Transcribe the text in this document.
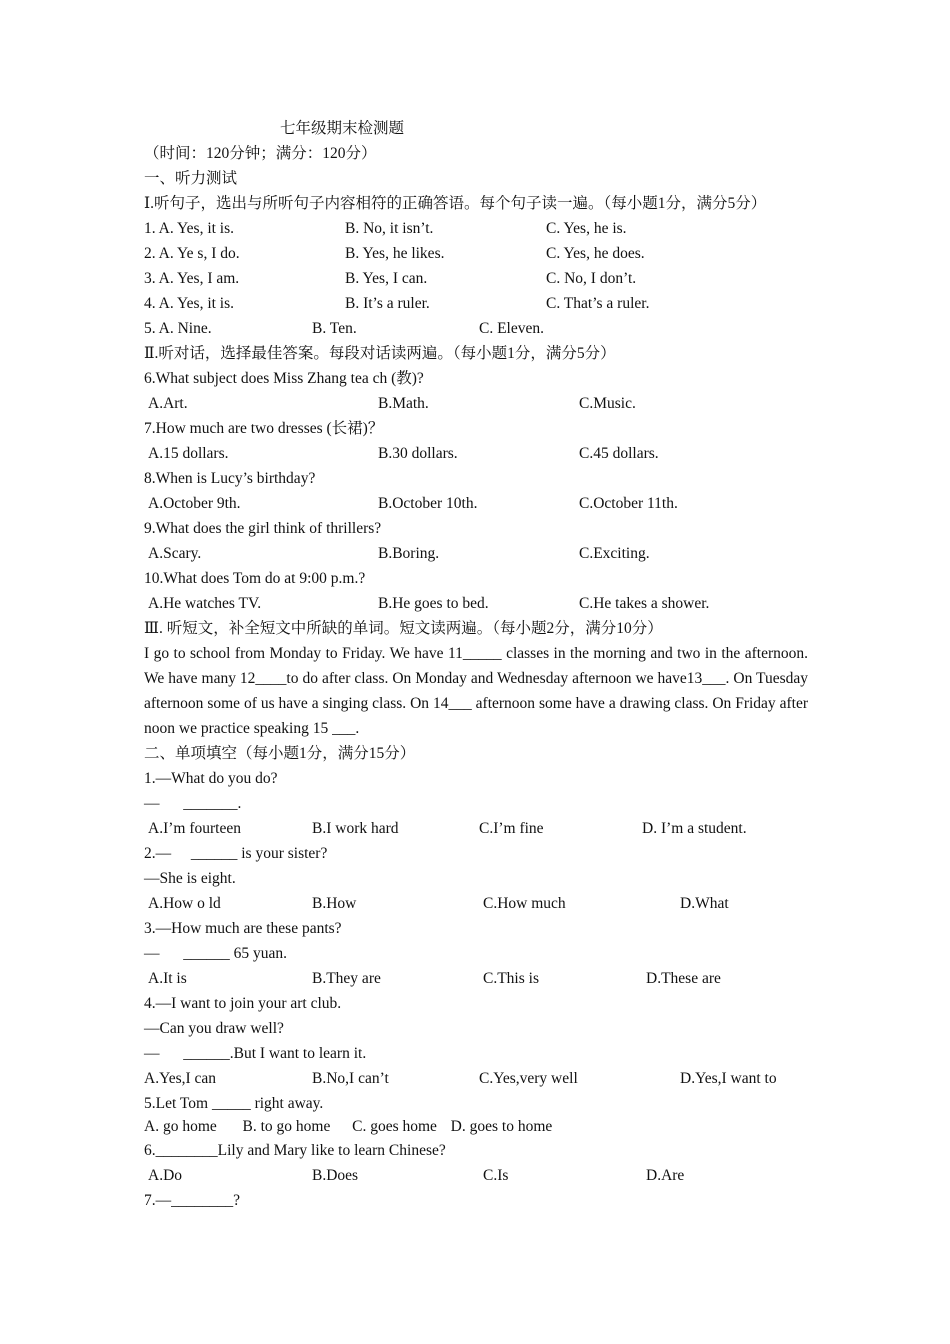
七年级期末检测题
（时间：120分钟；满分：120分）
一、听力测试
Ⅰ.听句子，选出与所听句子内容相符的正确答语。每个句子读一遍。（每小题1分，满分5分）
1. A. Yes, it is.	B. No, it isn’t.	C. Yes, he is.
2. A. Ye s, I do.	B. Yes, he likes.	C. Yes, he does.
3. A. Yes, I am.	B. Yes, I can.	C. No, I don’t.
4. A. Yes, it is.	B. It’s a ruler.	C. That’s a ruler.
5. A. Nine.	B. Ten.	C. Eleven.
Ⅱ.听对话，选择最佳答案。每段对话读两遍。（每小题1分，满分5分）
6.What subject does Miss Zhang tea ch (教)?
A.Art.	B.Math.	C.Music.
7.How much are two dresses (长裙)？
A.15 dollars.	B.30 dollars.	C.45 dollars.
8.When is Lucy’s birthday?
A.October 9th.	B.October 10th.	C.October 11th.
9.What does the girl think of thrillers?
A.Scary.	B.Boring.	C.Exciting.
10.What does Tom do at 9:00 p.m.?
A.He watches TV.	B.He goes to bed.	C.He takes a shower.
Ⅲ. 听短文，补全短文中所缺的单词。短文读两遍。（每小题2分，满分10分）
I go to school from Monday to Friday. We have 11_____ classes in the morning and two in the afternoon. We have many 12____to do after class. On Monday and Wednesday afternoon we have13___. On Tuesday afternoon some of us have a singing class. On 14___ afternoon some have a drawing class. On Friday afternoon we practice speaking 15 ___.
二、单项填空（每小题1分，满分15分）
1.—What do you do?
— _______.
A.I’m fourteen	B.I work hard	C.I’m fine	D. I’m a student.
2.— ______ is your sister?
—She is eight.
A.How o ld	B.How	C.How much	D.What
3.—How much are these pants?
— ______ 65 yuan.
A.It is	B.They are	C.This is	D.These are
4.—I want to join your art club.
—Can you draw well?
— ______.But I want to learn it.
A.Yes,I can	B.No,I can’t	C.Yes,very well	D.Yes,I want to
5.Let Tom _____ right away.
A. go home B. to go home C. goes home D. goes to home
6.________Lily and Mary like to learn Chinese?
A.Do	B.Does	C.Is	D.Are
7.—________?
